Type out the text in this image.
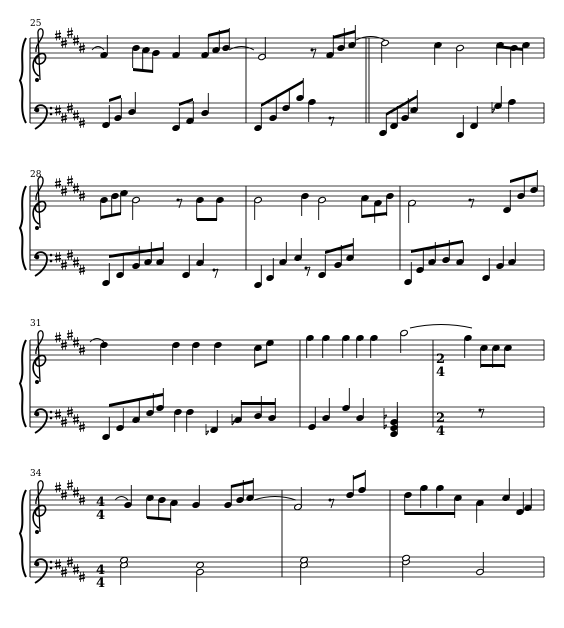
25
28
31
2
4
2
4
34
4
4
4
4
